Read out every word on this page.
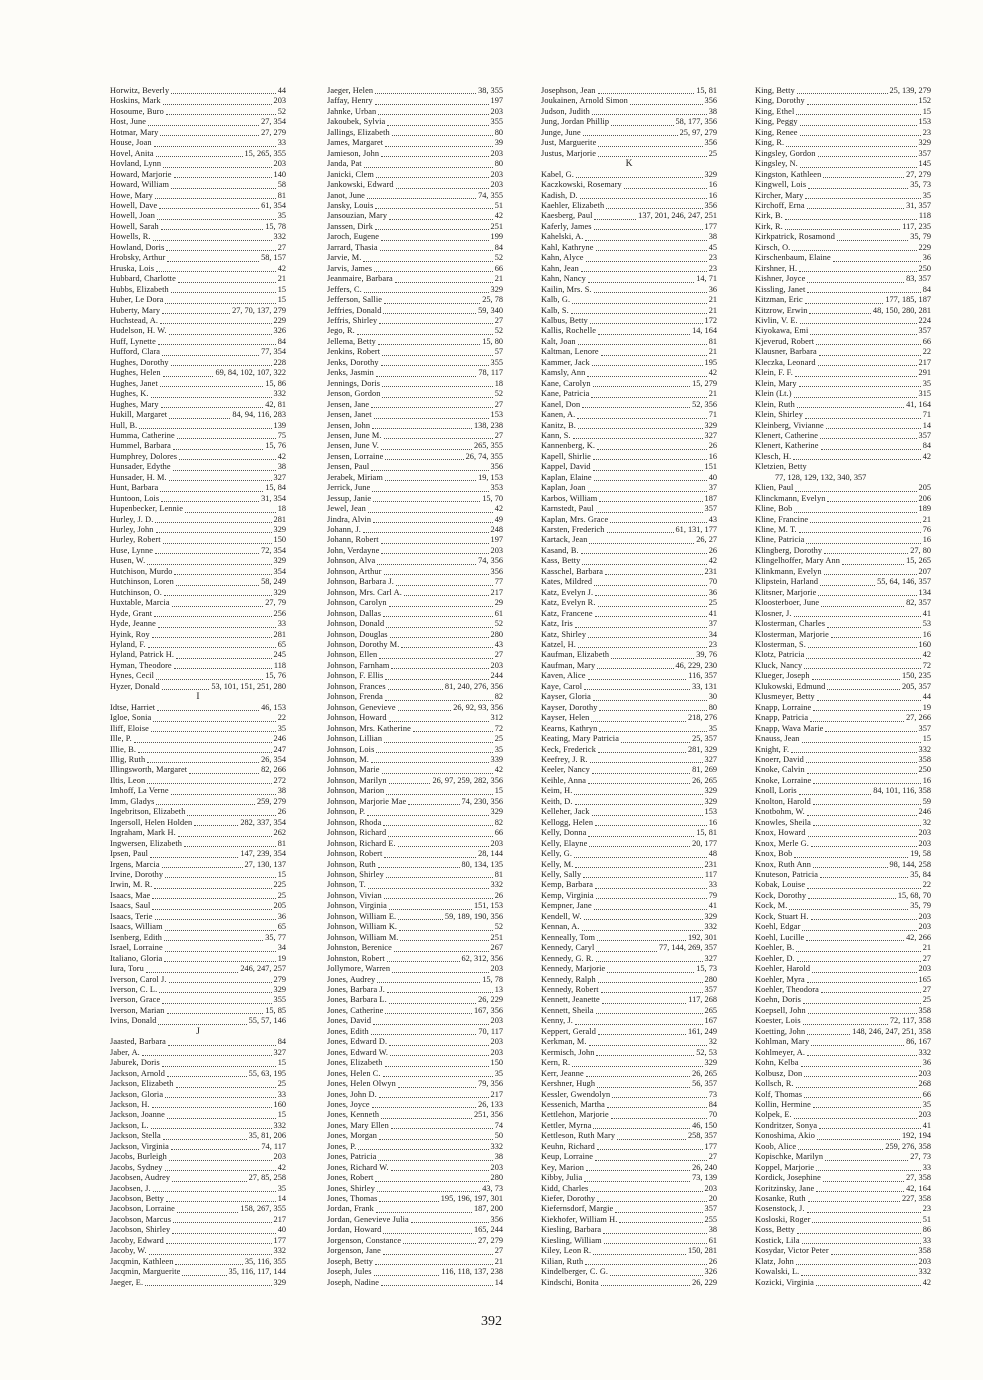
Horwitz, Beverly	44
Hoskins, Mark	203
Hosoume, Buro	52
Host, June	27, 354
Hotmar, Mary	27, 279
House, Joan	33
Hovel, Anita	15, 265, 355
Hovland, Lynn	203
Howard, Marjorie	140
Howard, William	58
Howe, Mary	81
Howell, Dave	61, 354
Howell, Joan	35
Howell, Sarah	15, 78
Howells, R.	332
Howland, Doris	27
Hrobsky, Arthur	58, 157
Hruska, Lois	42
Hubbard, Charlotte	21
Hubbs, Elizabeth	15
Huber, Le Dora	15
Huberty, Mary	27, 70, 137, 279
Huchstead, A.	229
Hudelson, H. W.	326
Huff, Lynette	84
Hufford, Clara	77, 354
Hughes, Dorothy	228
Hughes, Helen	69, 84, 102, 107, 322
Hughes, Janet	15, 86
Hughes, K.	332
Hughes, Mary	42, 81
Hukill, Margaret	84, 94, 116, 283
Hull, B.	139
Humma, Catherine	75
Hummel, Barbara	15, 76
Humphrey, Dolores	42
Hunsader, Edythe	38
Hunsader, H. M.	327
Hunt, Barbara	15, 84
Huntoon, Lois	31, 354
Hupenbecker, Lennie	18
Hurley, J. D.	281
Hurley, John	329
Hurley, Robert	150
Huse, Lynne	72, 354
Husen, W.	329
Hutchison, Murdo	354
Hutchinson, Loren	58, 249
Hutchinson, O.	329
Huxtable, Marcia	27, 79
Hyde, Grant	256
Hyde, Jeanne	33
Hyink, Roy	281
Hyland, F.	65
Hyland, Patrick H.	245
Hyman, Theodore	118
Hynes, Cecil	15, 76
Hyzer, Donald	53, 101, 151, 251, 280
I
Idtse, Harriet	46, 153
Igloe, Sonia	22
Iliff, Eloise	35
Ille, P.	246
Illie, B.	247
Illig, Ruth	26, 354
Illingsworth, Margaret	82, 266
Iltis, Leon	272
Imhoff, La Verne	38
Imm, Gladys	259, 279
Ingebritson, Elizabeth	26
Ingersoll, Helen Holden	282, 337, 354
Ingraham, Mark H.	262
Ingwersen, Elizabeth	81
Ipsen, Paul	147, 239, 354
Irgens, Marcia	27, 130, 137
Irvine, Dorothy	15
Irwin, M. R.	225
Isaacs, Mae	25
Isaacs, Saul	205
Isaacs, Terie	36
Isaacs, William	65
Isenberg, Edith	35, 77
Israel, Lorraine	34
Italiano, Gloria	19
Iura, Toru	246, 247, 257
Iverson, Carol J.	279
Iverson, C. L.	329
Iverson, Grace	355
Iverson, Marian	15, 85
Ivins, Donald	55, 57, 146
J
Jaasted, Barbara	84
Jaber, A.	327
Jaburek, Doris	15
Jackson, Arnold	55, 63, 195
Jackson, Elizabeth	25
Jackson, Gloria	33
Jackson, H.	160
Jackson, Joanne	15
Jackson, L.	332
Jackson, Stella	35, 81, 206
Jackson, Virginia	74, 117
Jacobs, Burleigh	203
Jacobs, Sydney	42
Jacobsen, Audrey	27, 85, 258
Jacobsen, J.	35
Jacobson, Betty	14
Jacobson, Lorraine	158, 267, 355
Jacobson, Marcus	217
Jacobson, Shirley	40
Jacoby, Edward	177
Jacoby, W.	332
Jacqmin, Kathleen	35, 116, 355
Jacqmin, Marguerite	35, 116, 117, 144
Jaeger, E.	329
Jaeger, Helen	38, 355
Jaffay, Henry	197
Jahnke, Urban	203
Jakoubek, Sylvia	355
Jallings, Elizabeth	80
James, Margaret	39
Jamieson, John	203
Janda, Pat	80
Janicki, Clem	203
Jankowski, Edward	203
Janot, June	74, 355
Jansky, Louis	51
Jansouzian, Mary	42
Janssen, Dirk	251
Jaroch, Eugene	199
Jarrard, Thasia	84
Jarvie, M.	52
Jarvis, James	66
Jeanmaire, Barbara	21
Jeffers, C.	329
Jefferson, Sallie	25, 78
Jeffries, Donald	59, 340
Jeffris, Shirley	27
Jego, R.	52
Jellema, Betty	15, 80
Jenkins, Robert	57
Jenks, Dorothy	355
Jenks, Jasmin	78, 117
Jennings, Doris	18
Jenson, Gordon	52
Jensen, Jane	27
Jensen, Janet	153
Jensen, John	138, 238
Jensen, June M.	27
Jensen, June V.	265, 355
Jensen, Lorraine	26, 74, 355
Jensen, Paul	356
Jerabek, Miriam	19, 153
Jerrick, June	353
Jessup, Janie	15, 70
Jewel, Jean	42
Jindra, Alvin	49
Johann, J.	248
Johann, Robert	197
John, Verdayne	203
Johnson, Alva	74, 356
Johnson, Arthur	356
Johnson, Barbara J.	77
Johnson, Mrs. Carl A.	217
Johnson, Carolyn	29
Johnson, Dallas	61
Johnson, Donald	52
Johnson, Douglas	280
Johnson, Dorothy M.	43
Johnson, Ellen	27
Johnson, Farnham	203
Johnson, F. Ellis	244
Johnson, Frances	81, 240, 276, 356
Johnson, Frenda	82
Johnson, Genevieve	26, 92, 93, 356
Johnson, Howard	312
Johnson, Mrs. Katherine	72
Johnson, Lillian	25
Johnson, Lois	35
Johnson, M.	339
Johnson, Marie	42
Johnson, Marilyn	26, 97, 259, 282, 356
Johnson, Marion	15
Johnson, Marjorie Mae	74, 230, 356
Johnson, P.	329
Johnson, Rhoda	82
Johnson, Richard	66
Johnson, Richard E.	203
Johnson, Robert	28, 144
Johnson, Ruth	80, 134, 135
Johnson, Shirley	81
Johnson, T.	332
Johnson, Vivian	26
Johnson, Virginia	151, 153
Johnson, William E.	59, 189, 190, 356
Johnson, William K.	52
Johnson, William M.	251
Johnston, Berenice	267
Johnston, Robert	62, 312, 356
Jollymore, Warren	203
Jones, Audrey	15, 78
Jones, Barbara J.	13
Jones, Barbara L.	26, 229
Jones, Catherine	167, 356
Jones, David	203
Jones, Edith	70, 117
Jones, Edward D.	203
Jones, Edward W.	203
Jones, Elizabeth	150
Jones, Helen C.	35
Jones, Helen Olwyn	79, 356
Jones, John D.	217
Jones, Joyce	26, 133
Jones, Kenneth	251, 356
Jones, Mary Ellen	74
Jones, Morgan	50
Jones, P.	332
Jones, Patricia	38
Jones, Richard W.	203
Jones, Robert	280
Jones, Shirley	43, 73
Jones, Thomas	195, 196, 197, 301
Jordan, Frank	187, 200
Jordan, Genevieve Julia	356
Jordan, Howard	165, 244
Jorgenson, Constance	27, 279
Jorgenson, Jane	27
Joseph, Betty	21
Joseph, Jules	116, 118, 137, 238
Joseph, Nadine	14
Josephson, Jean	15, 81
Joukainen, Arnold Simon	356
Judson, Judith	38
Jung, Jordan Phillip	58, 177, 356
Junge, June	25, 97, 279
Just, Marguerite	356
Justus, Marjorie	25
K
Kabel, G.	329
Kaczkowski, Rosemary	16
Kadish, D.	16
Kaehler, Elizabeth	356
Kaesberg, Paul	137, 201, 246, 247, 251
Kaferly, James	177
Kahelski, A.	38
Kahl, Kathryne	45
Kahn, Alyce	23
Kahn, Jean	23
Kahn, Nancy	14, 71
Kailin, Mrs. S.	36
Kalb, G.	21
Kalb, S.	21
Kalbus, Betty	172
Kallis, Rochelle	14, 164
Kalt, Joan	81
Kaltman, Lenore	21
Kammer, Jack	195
Kamsly, Ann	42
Kane, Carolyn	15, 279
Kane, Patricia	21
Kanel, Don	52, 356
Kanen, A.	71
Kanitz, B.	329
Kann, S.	327
Kannenberg, K.	26
Kapell, Shirlie	16
Kappel, David	151
Kaplan, Elaine	40
Kaplan, Joan	37
Karbos, William	187
Karnstedt, Paul	357
Kaplan, Mrs. Grace	43
Karsten, Frederich	61, 131, 177
Kartack, Jean	26, 27
Kasand, B.	26
Kass, Betty	42
Kasschel, Barbara	231
Kates, Mildred	70
Katz, Evelyn J.	36
Katz, Evelyn R.	25
Katz, Francene	41
Katz, Iris	37
Katz, Shirley	34
Katzel, H.	23
Kaufman, Elizabeth	39, 76
Kaufman, Mary	46, 229, 230
Kaven, Alice	116, 357
Kaye, Carol	33, 131
Kayser, Gloria	30
Kayser, Dorothy	80
Kayser, Helen	218, 276
Kearns, Kathryn	35
Keating, Mary Patricia	25, 357
Keck, Frederick	281, 329
Keefrey, J. R.	327
Keeler, Nancy	81, 269
Keihle, Anna	26, 265
Keim, H.	329
Keith, D.	329
Kelleher, Jack	153
Kellogg, Helen	16
Kelly, Donna	15, 81
Kelly, Elayne	20, 177
Kelly, G.	48
Kelly, M.	231
Kelly, Sally	117
Kemp, Barbara	33
Kemp, Virginia	79
Kempner, Jane	41
Kendell, W.	329
Kennan, A.	332
Kenneally, Tom	192, 301
Kennedy, Caryl	77, 144, 269, 357
Kennedy, G. R.	327
Kennedy, Marjorie	15, 73
Kennedy, Ralph	280
Kennedy, Robert	357
Kennett, Jeanette	117, 268
Kennett, Sheila	265
Kenny, J.	167
Keppert, Gerald	161, 249
Kerkman, M.	32
Kermisch, John	52, 53
Kern, R.	329
Kerr, Jeanne	26, 265
Kershner, Hugh	56, 357
Kessler, Gwendolyn	73
Kessenich, Martha	84
Kettlehon, Marjorie	70
Kettler, Myrna	46, 150
Kettleson, Ruth Mary	258, 357
Keuhn, Richard	177
Keup, Lorraine	27
Key, Marion	26, 240
Kibby, Julia	73, 139
Kidd, Charles	203
Kiefer, Dorothy	20
Kiefernsdorf, Margie	357
Kiekhofer, William H.	255
Kiesling, Barbara	38
Kiesling, William	61
Kiley, Leon R.	150, 281
Kilian, Ruth	26
Kindelberger, C. G.	326
Kindschi, Bonita	26, 229
King, Betty	25, 139, 279
King, Dorothy	152
King, Ethel	15
King, Peggy	153
King, Renee	23
King, R.	329
Kingsley, Gordon	357
Kingsley, N.	145
Kingston, Kathleen	27, 279
Kingwell, Lois	35, 73
Kircher, Mary	35
Kirchoff, Erna	31, 357
Kirk, B.	118
Kirk, R.	117, 235
Kirkpatrick, Rosamond	35, 79
Kirsch, O.	229
Kirschenbaum, Elaine	36
Kirshner, H.	250
Kishner, Joyce	83, 357
Kissling, Janet	84
Kitzman, Eric	177, 185, 187
Kitzrow, Erwin	48, 150, 280, 281
Kivlin, V. E.	224
Kiyokawa, Emi	357
Kjeverud, Robert	66
Klausner, Barbara	22
Kleczka, Leonard	217
Klein, F. F.	291
Klein, Mary	35
Klein (Lt.)	315
Klein, Ruth	41, 164
Klein, Shirley	71
Kleinberg, Vivianne	14
Klenert, Catherine	357
Klenert, Katherine	84
Klesch, H.	42
Kletzien, Betty
77, 128, 129, 132, 340, 357
Klien, Paul	205
Klinckmann, Evelyn	206
Kline, Bob	189
Kline, Francine	21
Kline, M. T.	76
Kline, Patricia	16
Klingberg, Dorothy	27, 80
Klingelhoffer, Mary Ann	15, 265
Klinkmann, Evelyn	207
Klipstein, Harland	55, 64, 146, 357
Klitsner, Marjorie	134
Kloosterboer, June	82, 357
Klosner, J.	41
Klosterman, Charles	53
Klosterman, Marjorie	16
Klosterman, S.	160
Klotz, Patricia	42
Kluck, Nancy	72
Klueger, Joseph	150, 235
Klukowski, Edmund	205, 357
Klusmeyer, Betty	44
Knapp, Lorraine	19
Knapp, Patricia	27, 266
Knapp, Wava Marie	357
Knauss, Jean	15
Knight, F.	332
Knoerr, David	358
Knoke, Calvin	250
Knoke, Lorraine	16
Knoll, Loris	84, 101, 116, 358
Knolton, Harold	59
Knotbohm, W.	246
Knowles, Sheila	32
Knox, Howard	203
Knox, Merle G.	203
Knox, Bob	19, 58
Knox, Ruth Ann	98, 144, 258
Knuteson, Patricia	35, 84
Kobak, Louise	22
Kock, Dorothy	15, 68, 70
Kock, M.	35, 79
Kock, Stuart H.	203
Koehl, Edgar	203
Koehl, Lucille	42, 266
Koehler, B.	21
Koehler, D.	27
Koehler, Harold	203
Koehler, Myra	165
Koehler, Theodora	27
Koehn, Doris	25
Koepsell, John	358
Koester, Lois	72, 117, 358
Koetting, John	148, 246, 247, 251, 358
Kohlman, Mary	86, 167
Kohlmeyer, A.	332
Kohn, Kelba	36
Kolbusz, Don	203
Kollsch, R.	268
Kolf, Thomas	66
Kollin, Hermine	35
Kolpek, E.	203
Kondritzer, Sonya	41
Konoshima, Akio	192, 194
Koob, Alice	259, 276, 358
Kopischke, Marilyn	27, 73
Koppel, Marjorie	33
Kordick, Josephine	27, 358
Koritzinsky, Jane	42, 164
Kosanke, Ruth	227, 358
Kosenstock, J.	23
Kosloski, Roger	51
Koss, Betty	86
Kostick, Lila	33
Kosydar, Victor Peter	358
Klatz, John	203
Kowalski, L.	332
Kozicki, Virginia	42
392
